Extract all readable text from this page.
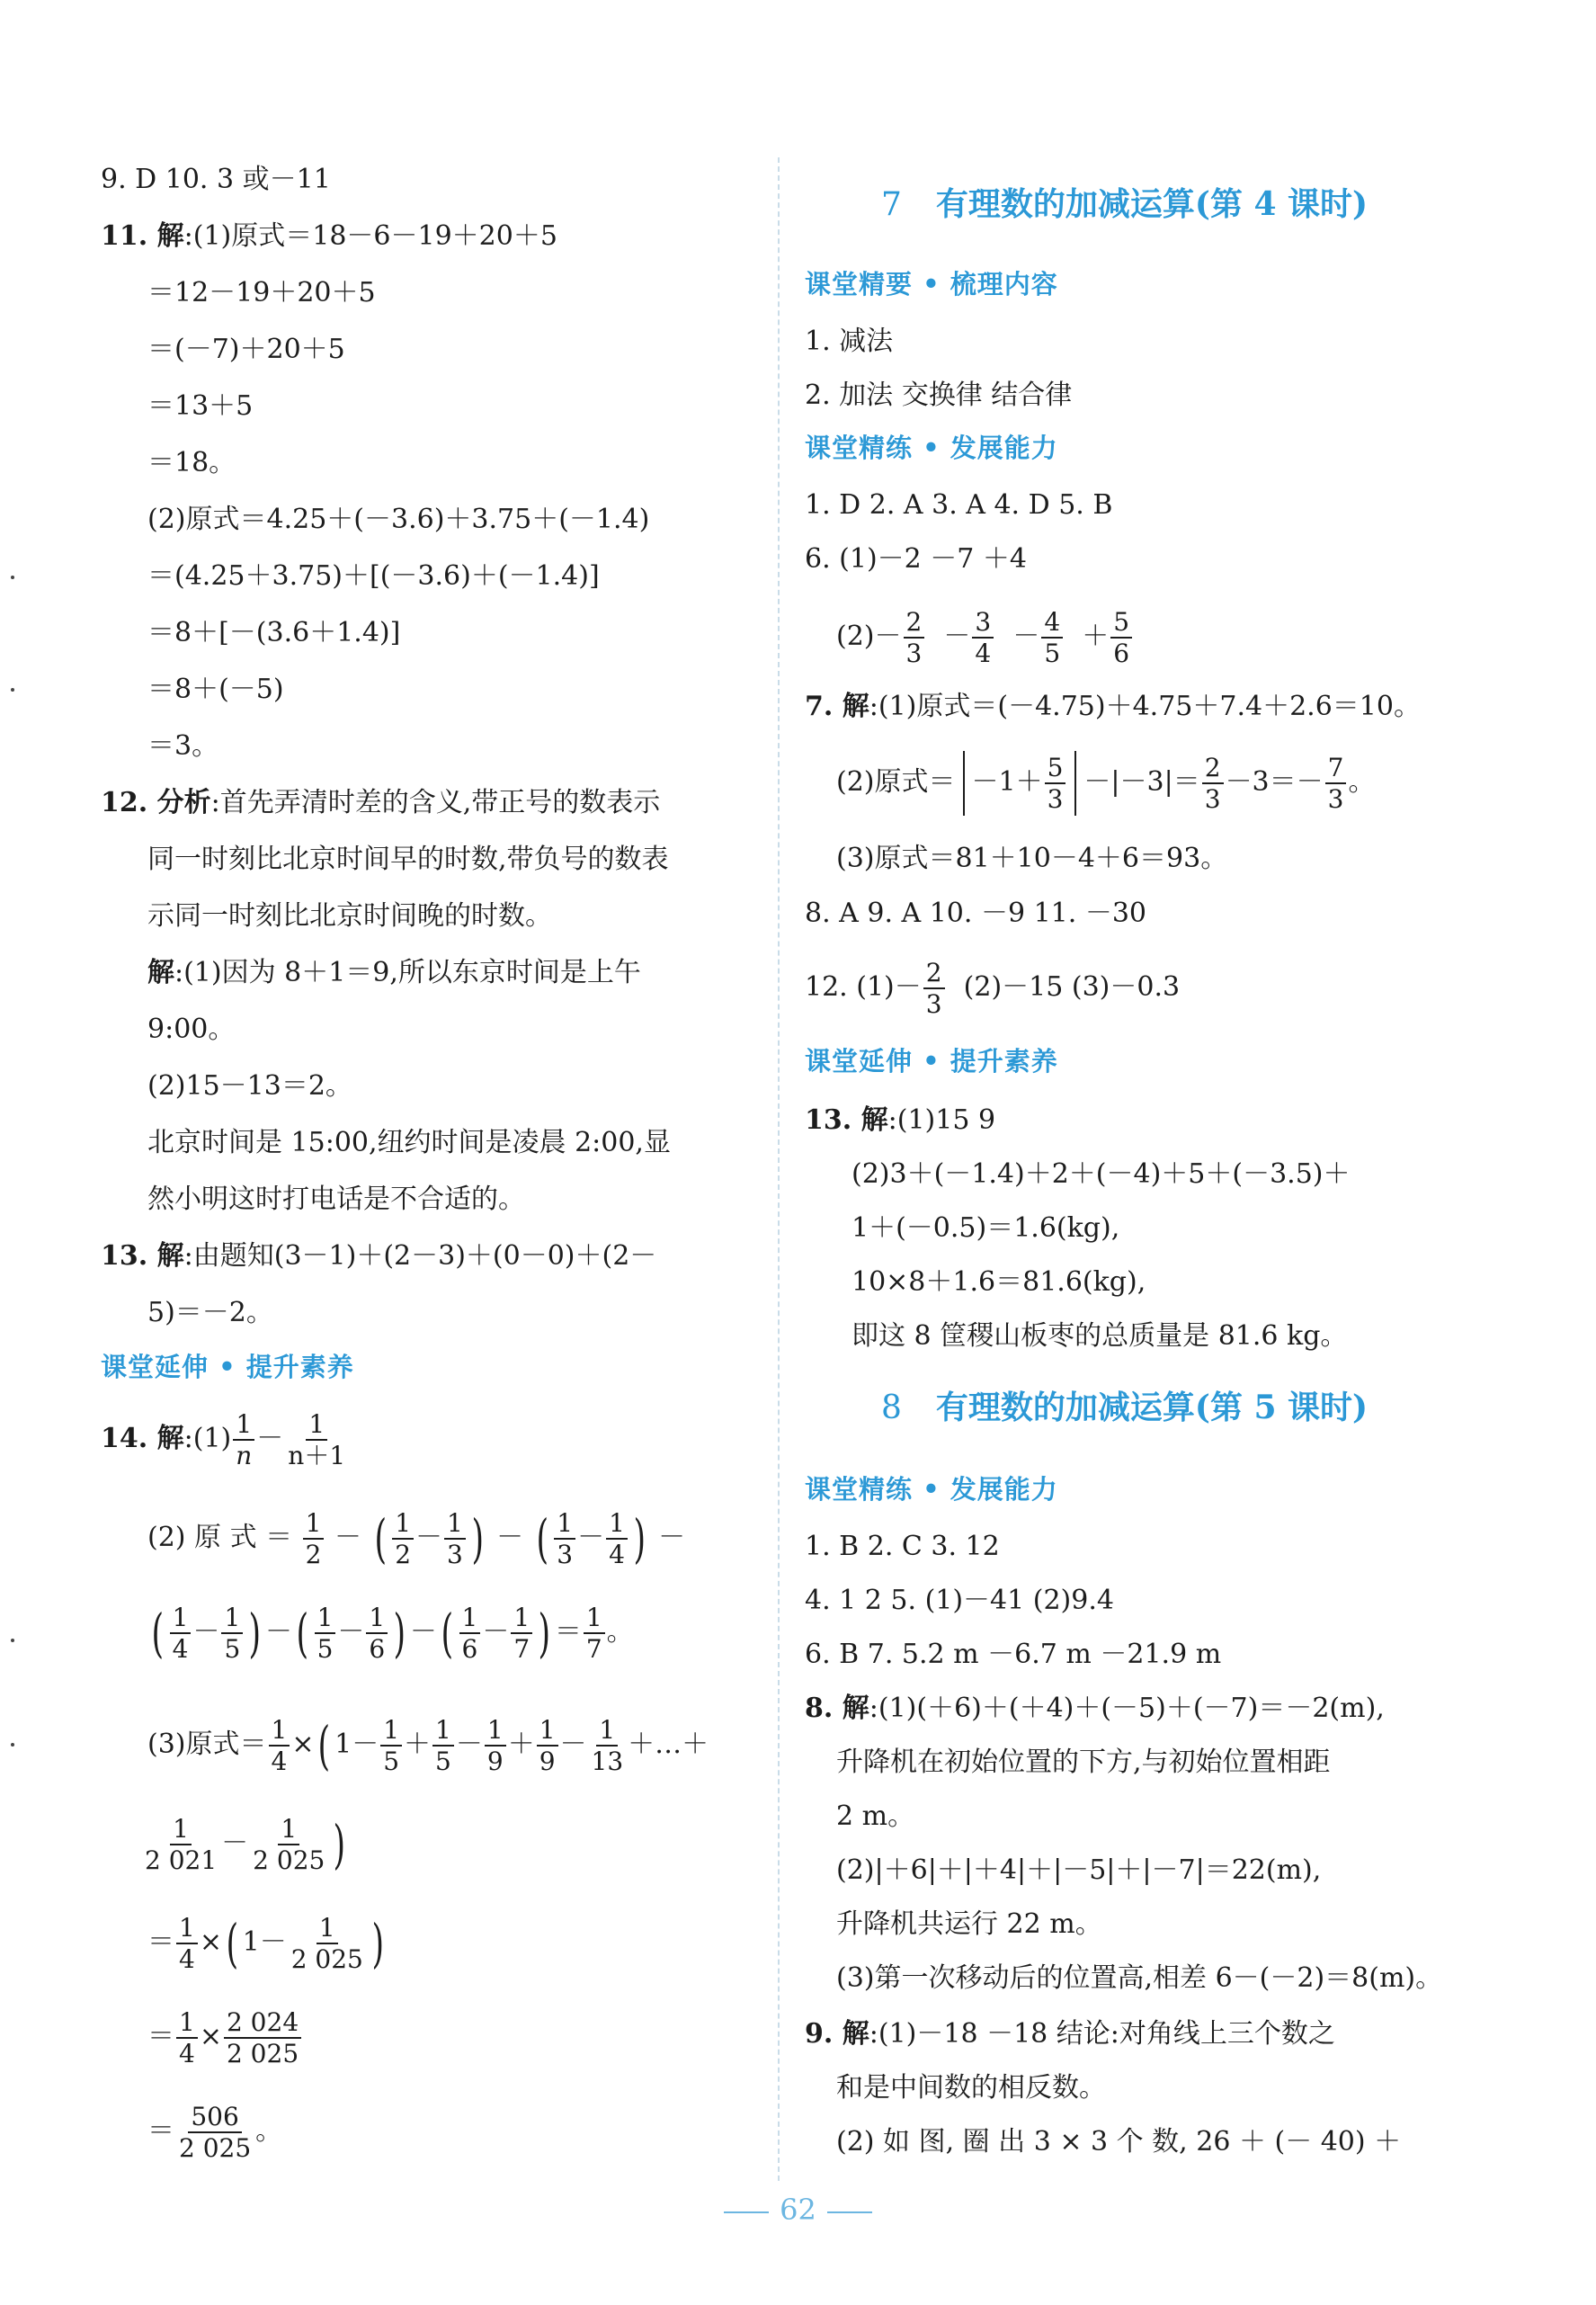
9. D 10. 3 或－11
11. 解:(1)原式＝18－6－19＋20＋5
＝12－19＋20＋5
＝(－7)＋20＋5
＝13＋5
＝18。
(2)原式＝4.25＋(－3.6)＋3.75＋(－1.4)
＝(4.25＋3.75)＋[(－3.6)＋(－1.4)]
＝8＋[－(3.6＋1.4)]
＝8＋(－5)
＝3。
12. 分析:首先弄清时差的含义,带正号的数表示
同一时刻比北京时间早的时数,带负号的数表
示同一时刻比北京时间晚的时数。
解:(1)因为 8＋1＝9,所以东京时间是上午
9:00。
(2)15－13＝2。
北京时间是 15:00,纽约时间是凌晨 2:00,显
然小明这时打电话是不合适的。
13. 解:由题知(3－1)＋(2－3)＋(0－0)＋(2－
5)＝－2。
课堂延伸 • 提升素养
14. 解:(1) $\frac{1}{n} - \frac{1}{n+1}$
(2) 原 式 ＝ $\frac{1}{2}$ － ( $\frac{1}{2} - \frac{1}{3}$ ) － ( $\frac{1}{3} - \frac{1}{4}$ ) －
( $\frac{1}{4} - \frac{1}{5}$ ) －( $\frac{1}{5} - \frac{1}{6}$ ) －( $\frac{1}{6} - \frac{1}{7}$ ) ＝ $\frac{1}{7}$ 。
(3)原式＝ $\frac{1}{4}$ ×( $1- \frac{1}{5} + \frac{1}{5} - \frac{1}{9} + \frac{1}{9} - \frac{1}{13}$ ＋…＋
$\frac{1}{2 021} - \frac{1}{2 025}$ )
＝ $\frac{1}{4}$ ×( $1- \frac{1}{2 025}$ )
＝ $\frac{1}{4} \times \frac{2 024}{2 025}$
＝ $\frac{506}{2 025}$ 。
7 有理数的加减运算(第 4 课时)
课堂精要 • 梳理内容
1. 减法
2. 加法 交换律 结合律
课堂精练 • 发展能力
1. D 2. A 3. A 4. D 5. B
6. (1)－2 －7 ＋4
$(2)- \frac{2}{3} - \frac{3}{4} - \frac{4}{5} + \frac{5}{6}$
7. 解:(1)原式＝(－4.75)＋4.75＋7.4＋2.6＝10。
(2)原式＝ $-1+ \frac{5}{3} -|-3|= \frac{2}{3} -3=- \frac{7}{3}$ 。
(3)原式＝81＋10－4＋6＝93。
8. A 9. A 10. －9 11. －30
12. $(1)- \frac{2}{3} (2)-15$ (3)－0.3
课堂延伸 • 提升素养
13. 解:(1)15 9
(2)3＋(－1.4)＋2＋(－4)＋5＋(－3.5)＋
1＋(－0.5)＝1.6(kg),
10×8＋1.6＝81.6(kg),
即这 8 筐稷山板枣的总质量是 81.6 kg。
8 有理数的加减运算(第 5 课时)
课堂精练 • 发展能力
1. B 2. C 3. 12
4. 1 2 5. (1)－41 (2)9.4
6. B 7. 5.2 m －6.7 m －21.9 m
8. 解:(1)(＋6)＋(＋4)＋(－5)＋(－7)＝－2(m),
升降机在初始位置的下方,与初始位置相距
2 m。
(2)|＋6|＋|＋4|＋|－5|＋|－7|＝22(m),
升降机共运行 22 m。
(3)第一次移动后的位置高,相差 6－(－2)＝8(m)。
9. 解:(1)－18 －18 结论:对角线上三个数之
和是中间数的相反数。
(2) 如 图, 圈 出 3 × 3 个 数, 26 ＋ (－ 40) ＋
62
